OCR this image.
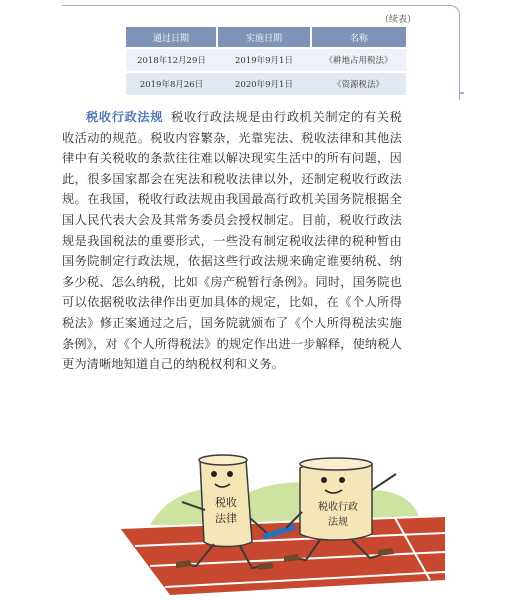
（续表）
通过日期	实施日期	名称
2018年12月29日	2019年9月1日	《耕地占用税法》
2019年8月26日	2020年9月1日	《资源税法》

税收行政法规 税收行政法规是由行政机关制定的有关税收活动的规范。税收内容繁杂，光靠宪法、税收法律和其他法律中有关税收的条款往往难以解决现实生活中的所有问题，因此，很多国家都会在宪法和税收法律以外，还制定税收行政法规。在我国，税收行政法规由我国最高行政机关国务院根据全国人民代表大会及其常务委员会授权制定。目前，税收行政法规是我国税法的重要形式，一些没有制定税收法律的税种暂由国务院制定行政法规，依据这些行政法规来确定谁要纳税、纳多少税、怎么纳税，比如《房产税暂行条例》。同时，国务院也可以依据税收法律作出更加具体的规定，比如，在《个人所得税法》修正案通过之后，国务院就颁布了《个人所得税法实施条例》，对《个人所得税法》的规定作出进一步解释，使纳税人更为清晰地知道自己的纳税权利和义务。

税收
法律
税收行政
法规
